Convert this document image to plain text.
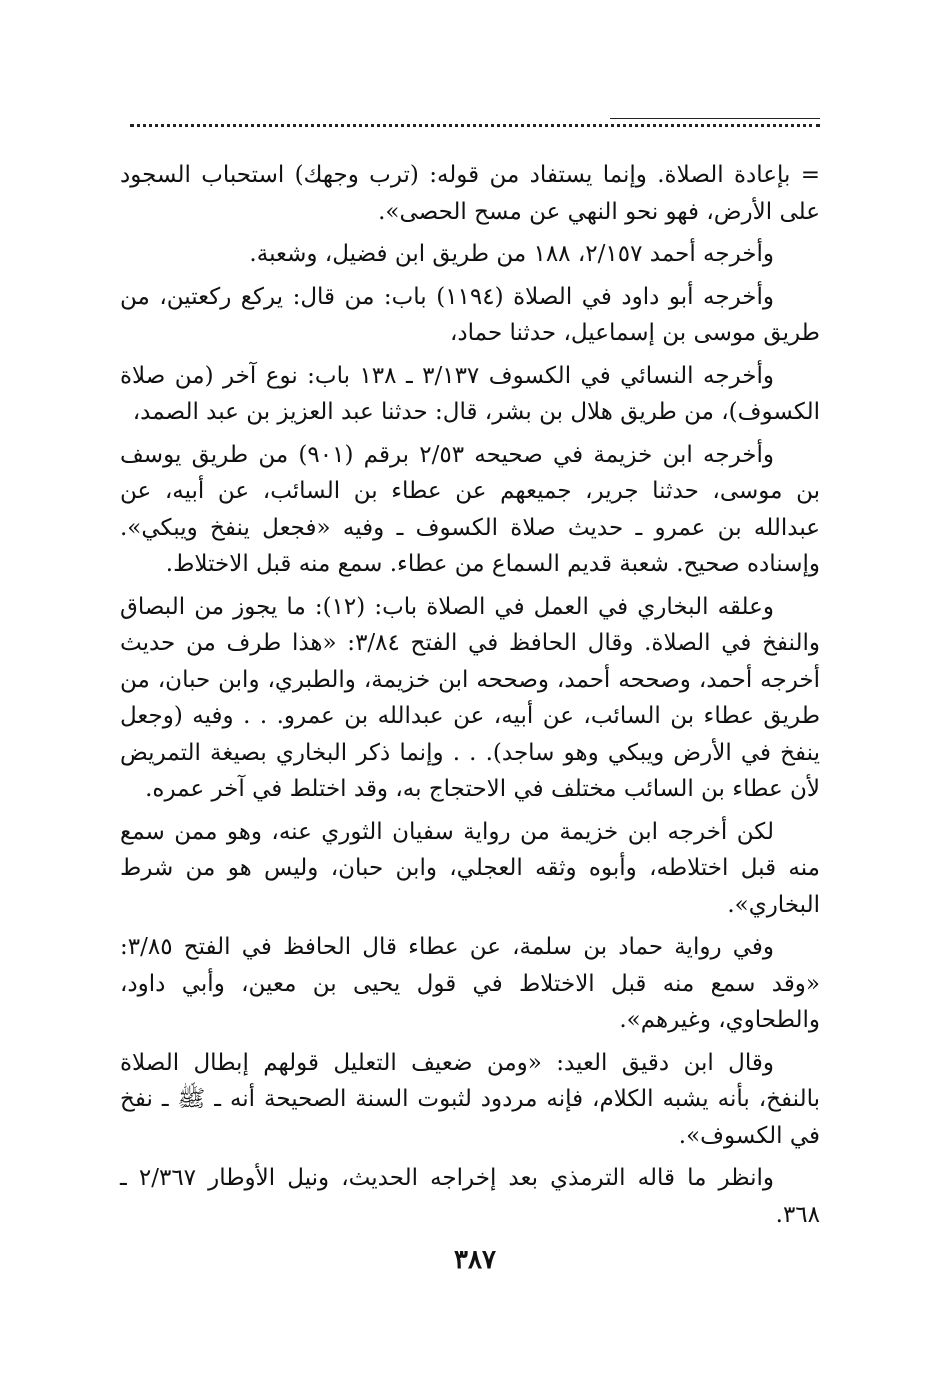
= بإعادة الصلاة. وإنما يستفاد من قوله: (ترب وجهك) استحباب السجود على الأرض، فهو نحو النهي عن مسح الحصى».

وأخرجه أحمد ٢/١٥٧، ١٨٨ من طريق ابن فضيل، وشعبة.

وأخرجه أبو داود في الصلاة (١١٩٤) باب: من قال: يركع ركعتين، من طريق موسى بن إسماعيل، حدثنا حماد،

وأخرجه النسائي في الكسوف ٣/١٣٧ ـ ١٣٨ باب: نوع آخر (من صلاة الكسوف)، من طريق هلال بن بشر، قال: حدثنا عبد العزيز بن عبد الصمد،

وأخرجه ابن خزيمة في صحيحه ٢/٥٣ برقم (٩٠١) من طريق يوسف بن موسى، حدثنا جرير، جميعهم عن عطاء بن السائب، عن أبيه، عن عبدالله بن عمرو ـ حديث صلاة الكسوف ـ وفيه «فجعل ينفخ ويبكي». وإسناده صحيح. شعبة قديم السماع من عطاء. سمع منه قبل الاختلاط.

وعلقه البخاري في العمل في الصلاة باب: (١٢): ما يجوز من البصاق والنفخ في الصلاة. وقال الحافظ في الفتح ٣/٨٤: «هذا طرف من حديث أخرجه أحمد، وصححه أحمد، وصححه ابن خزيمة، والطبري، وابن حبان، من طريق عطاء بن السائب، عن أبيه، عن عبدالله بن عمرو. . . وفيه (وجعل ينفخ في الأرض ويبكي وهو ساجد). . . وإنما ذكر البخاري بصيغة التمريض لأن عطاء بن السائب مختلف في الاحتجاج به، وقد اختلط في آخر عمره.

لكن أخرجه ابن خزيمة من رواية سفيان الثوري عنه، وهو ممن سمع منه قبل اختلاطه، وأبوه وثقه العجلي، وابن حبان، وليس هو من شرط البخاري».

وفي رواية حماد بن سلمة، عن عطاء قال الحافظ في الفتح ٣/٨٥: «وقد سمع منه قبل الاختلاط في قول يحيى بن معين، وأبي داود، والطحاوي، وغيرهم».

وقال ابن دقيق العيد: «ومن ضعيف التعليل قولهم إبطال الصلاة بالنفخ، بأنه يشبه الكلام، فإنه مردود لثبوت السنة الصحيحة أنه ـ ﷺ ـ نفخ في الكسوف».

وانظر ما قاله الترمذي بعد إخراجه الحديث، ونيل الأوطار ٢/٣٦٧ ـ ٣٦٨.

٣٨٧
